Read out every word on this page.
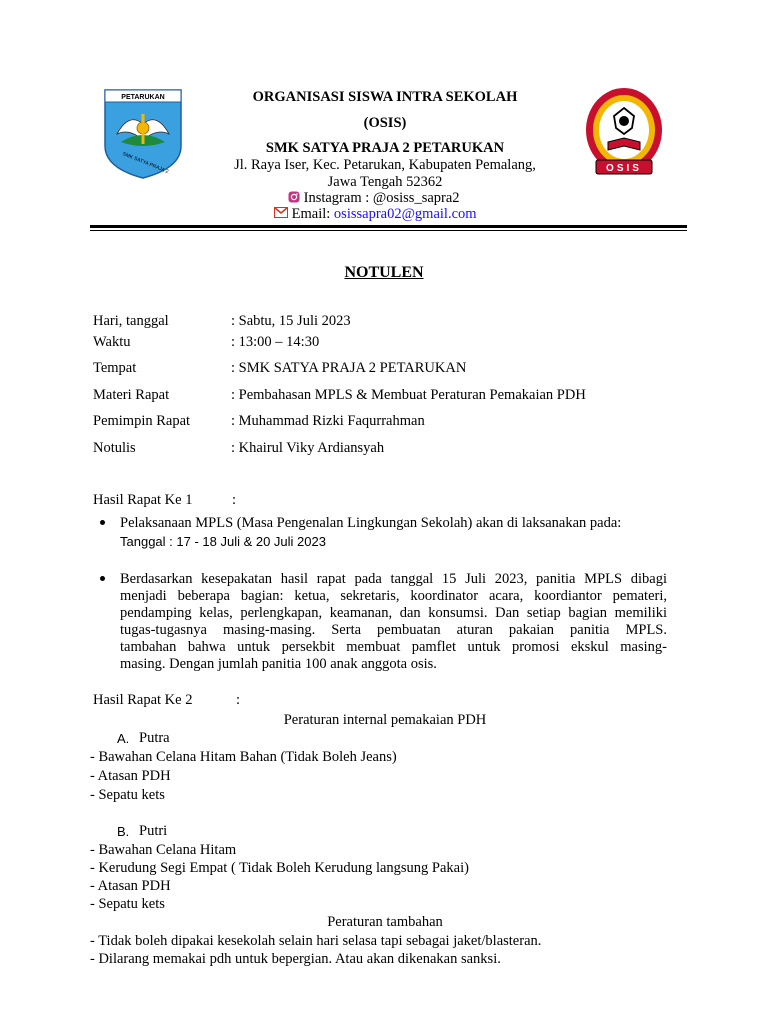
PETARUKAN
SMK SATYA PRAJA 2	OSIS
ORGANISASI SISWA INTRA SEKOLAH
(OSIS)
SMK SATYA PRAJA 2 PETARUKAN
Jl. Raya Iser, Kec. Petarukan, Kabupaten Pemalang,
Jawa Tengah 52362
Instagram : @osiss_sapra2
Email: osissapra02@gmail.com
NOTULEN
Hari, tanggal	: Sabtu, 15 Juli 2023
Waktu	: 13:00 – 14:30
Tempat	: SMK SATYA PRAJA 2 PETARUKAN
Materi Rapat	: Pembahasan MPLS & Membuat Peraturan Pemakaian PDH
Pemimpin Rapat	: Muhammad Rizki Faqurrahman
Notulis	: Khairul Viky Ardiansyah
Hasil Rapat Ke 1	:
Pelaksanaan MPLS (Masa Pengenalan Lingkungan Sekolah) akan di laksanakan pada:
Tanggal : 17 - 18 Juli & 20 Juli 2023
Berdasarkan kesepakatan hasil rapat pada tanggal 15 Juli 2023, panitia MPLS dibagi
menjadi beberapa bagian: ketua, sekretaris, koordinator acara, koordiantor pemateri,
pendamping kelas, perlengkapan, keamanan, dan konsumsi. Dan setiap bagian memiliki
tugas-tugasnya masing-masing. Serta pembuatan aturan pakaian panitia MPLS.
tambahan bahwa untuk persekbit membuat pamflet untuk promosi ekskul masing-
masing. Dengan jumlah panitia 100 anak anggota osis.
Hasil Rapat Ke 2	:
Peraturan internal pemakaian PDH
A. Putra
- Bawahan Celana Hitam Bahan (Tidak Boleh Jeans)
- Atasan PDH
- Sepatu kets
B. Putri
- Bawahan Celana Hitam
- Kerudung Segi Empat ( Tidak Boleh Kerudung langsung Pakai)
- Atasan PDH
- Sepatu kets
Peraturan tambahan
- Tidak boleh dipakai kesekolah selain hari selasa tapi sebagai jaket/blasteran.
- Dilarang memakai pdh untuk bepergian. Atau akan dikenakan sanksi.
